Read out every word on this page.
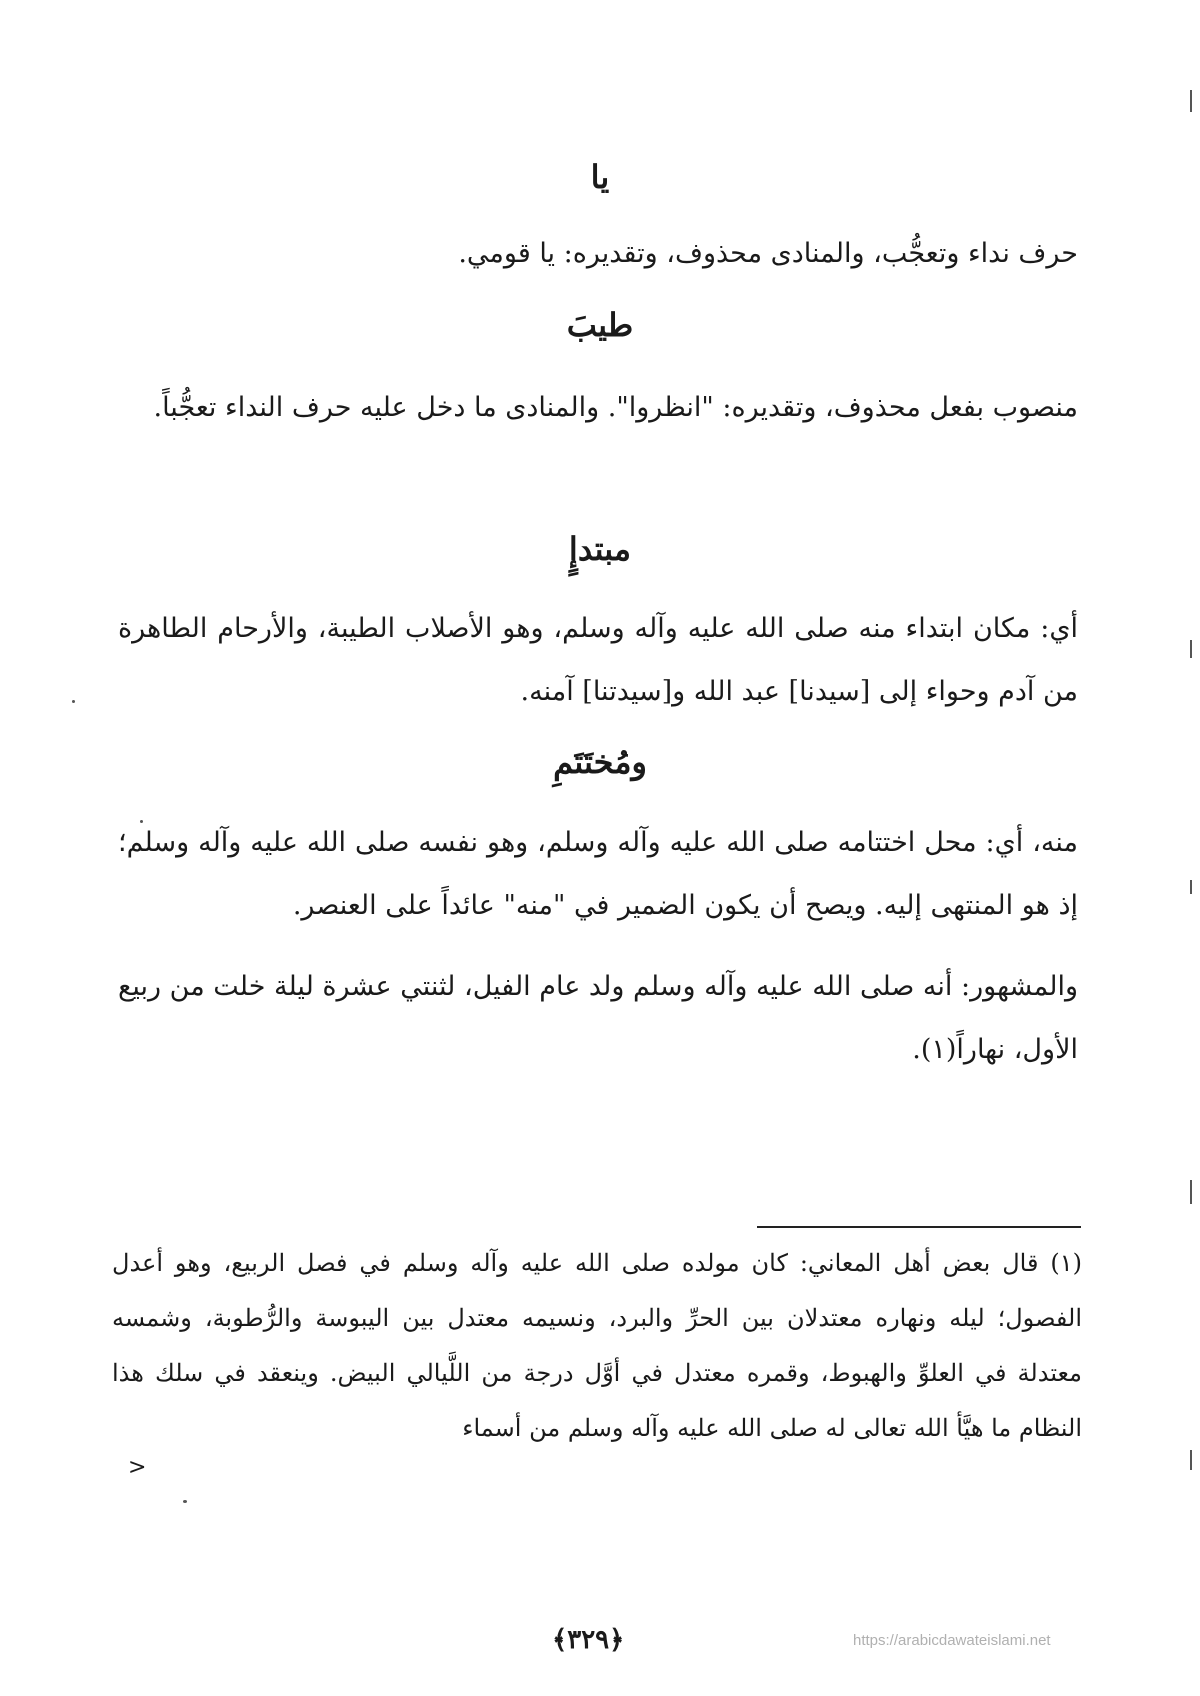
يا
حرف نداء وتعجُّب، والمنادى محذوف، وتقديره: يا قومي.
طيبَ
منصوب بفعل محذوف، وتقديره: "انظروا". والمنادى ما دخل عليه حرف النداء تعجُّباً.
مبتدإٍ
أي: مكان ابتداء منه صلى الله عليه وآله وسلم، وهو الأصلاب الطيبة، والأرحام الطاهرة من آدم وحواء إلى [سيدنا] عبد الله و[سيدتنا] آمنه.
ومُختَتَمِ
منه، أي: محل اختتامه صلى الله عليه وآله وسلم، وهو نفسه صلى الله عليه وآله وسلم؛ إذ هو المنتهى إليه. ويصح أن يكون الضمير في "منه" عائداً على العنصر.
والمشهور: أنه صلى الله عليه وآله وسلم ولد عام الفيل، لثنتي عشرة ليلة خلت من ربيع الأول، نهاراً(١).
(١) قال بعض أهل المعاني: كان مولده صلى الله عليه وآله وسلم في فصل الربيع، وهو أعدل الفصول؛ ليله ونهاره معتدلان بين الحرِّ والبرد، ونسيمه معتدل بين اليبوسة والرُّطوبة، وشمسه معتدلة في العلوِّ والهبوط، وقمره معتدل في أوَّل درجة من اللَّيالي البيض. وينعقد في سلك هذا النظام ما هيَّأ الله تعالى له صلى الله عليه وآله وسلم من أسماء
>
﴿٣٢٩﴾	https://arabicdawateislami.net
